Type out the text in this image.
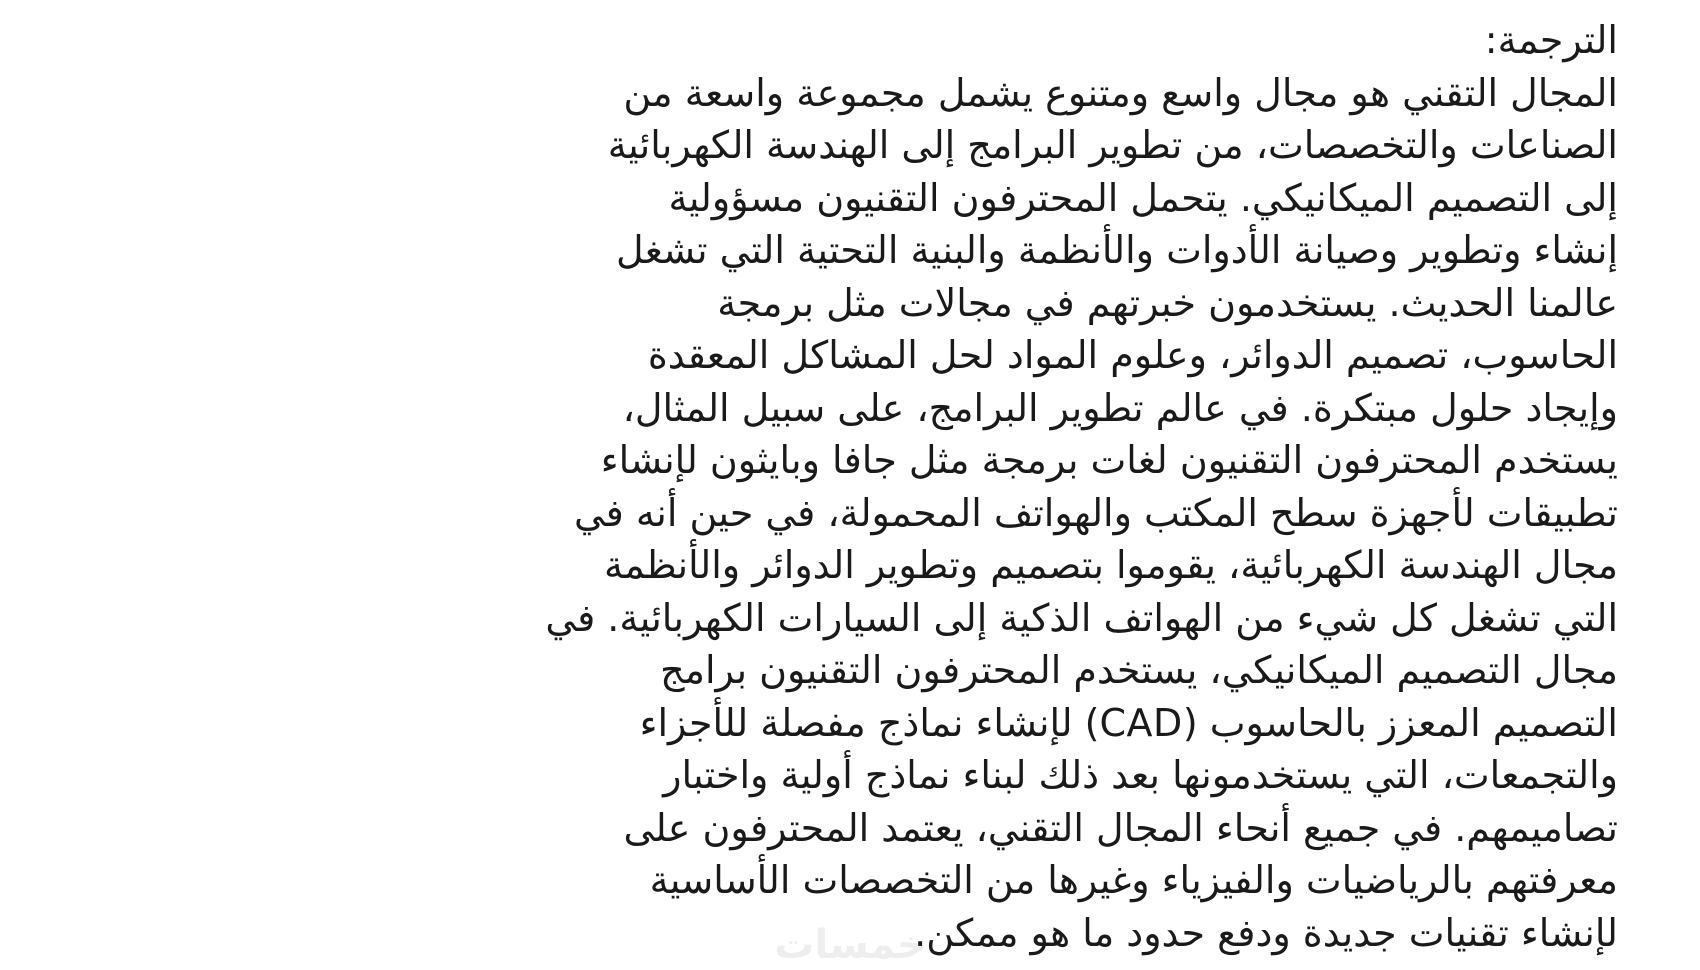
الترجمة:
المجال التقني هو مجال واسع ومتنوع يشمل مجموعة واسعة من
الصناعات والتخصصات، من تطوير البرامج إلى الهندسة الكهربائية
إلى التصميم الميكانيكي. يتحمل المحترفون التقنيون مسؤولية
إنشاء وتطوير وصيانة الأدوات والأنظمة والبنية التحتية التي تشغل
عالمنا الحديث. يستخدمون خبرتهم في مجالات مثل برمجة
الحاسوب، تصميم الدوائر، وعلوم المواد لحل المشاكل المعقدة
وإيجاد حلول مبتكرة. في عالم تطوير البرامج، على سبيل المثال،
يستخدم المحترفون التقنيون لغات برمجة مثل جافا وبايثون لإنشاء
تطبيقات لأجهزة سطح المكتب والهواتف المحمولة، في حين أنه في
مجال الهندسة الكهربائية، يقوموا بتصميم وتطوير الدوائر والأنظمة
التي تشغل كل شيء من الهواتف الذكية إلى السيارات الكهربائية. في
مجال التصميم الميكانيكي، يستخدم المحترفون التقنيون برامج
التصميم المعزز بالحاسوب (CAD) لإنشاء نماذج مفصلة للأجزاء
والتجمعات، التي يستخدمونها بعد ذلك لبناء نماذج أولية واختبار
تصاميمهم. في جميع أنحاء المجال التقني، يعتمد المحترفون على
معرفتهم بالرياضيات والفيزياء وغيرها من التخصصات الأساسية
لإنشاء تقنيات جديدة ودفع حدود ما هو ممكن.
خمسات
